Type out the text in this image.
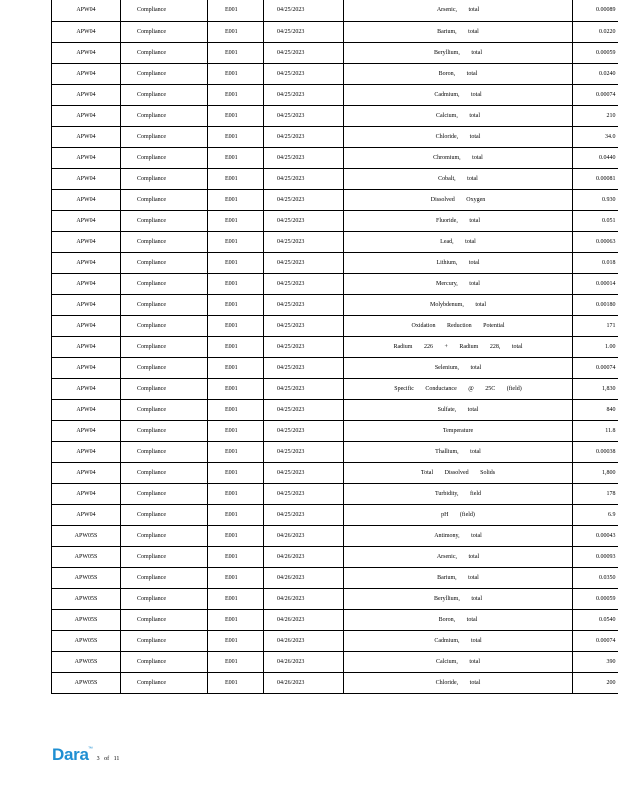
APW04	Compliance	E001	04/25/2023	Arsenic, total	0.00089
APW04	Compliance	E001	04/25/2023	Barium, total	0.0220
APW04	Compliance	E001	04/25/2023	Beryllium, total	0.00059
APW04	Compliance	E001	04/25/2023	Boron, total	0.0240
APW04	Compliance	E001	04/25/2023	Cadmium, total	0.00074
APW04	Compliance	E001	04/25/2023	Calcium, total	210
APW04	Compliance	E001	04/25/2023	Chloride, total	34.0
APW04	Compliance	E001	04/25/2023	Chromium, total	0.0440
APW04	Compliance	E001	04/25/2023	Cobalt, total	0.00081
APW04	Compliance	E001	04/25/2023	Dissolved Oxygen	0.930
APW04	Compliance	E001	04/25/2023	Fluoride, total	0.051
APW04	Compliance	E001	04/25/2023	Lead, total	0.00063
APW04	Compliance	E001	04/25/2023	Lithium, total	0.018
APW04	Compliance	E001	04/25/2023	Mercury, total	0.00014
APW04	Compliance	E001	04/25/2023	Molybdenum, total	0.00180
APW04	Compliance	E001	04/25/2023	Oxidation Reduction Potential	171
APW04	Compliance	E001	04/25/2023	Radium 226 + Radium 228, total	1.00
APW04	Compliance	E001	04/25/2023	Selenium, total	0.00074
APW04	Compliance	E001	04/25/2023	Specific Conductance @ 25C (field)	1,830
APW04	Compliance	E001	04/25/2023	Sulfate, total	840
APW04	Compliance	E001	04/25/2023	Temperature	11.8
APW04	Compliance	E001	04/25/2023	Thallium, total	0.00038
APW04	Compliance	E001	04/25/2023	Total Dissolved Solids	1,800
APW04	Compliance	E001	04/25/2023	Turbidity, field	178
APW04	Compliance	E001	04/25/2023	pH (field)	6.9
APW05S	Compliance	E001	04/26/2023	Antimony, total	0.00043
APW05S	Compliance	E001	04/26/2023	Arsenic, total	0.00093
APW05S	Compliance	E001	04/26/2023	Barium, total	0.0350
APW05S	Compliance	E001	04/26/2023	Beryllium, total	0.00059
APW05S	Compliance	E001	04/26/2023	Boron, total	0.0540
APW05S	Compliance	E001	04/26/2023	Cadmium, total	0.00074
APW05S	Compliance	E001	04/26/2023	Calcium, total	390
APW05S	Compliance	E001	04/26/2023	Chloride, total	200
Dara ™
3 of 11
